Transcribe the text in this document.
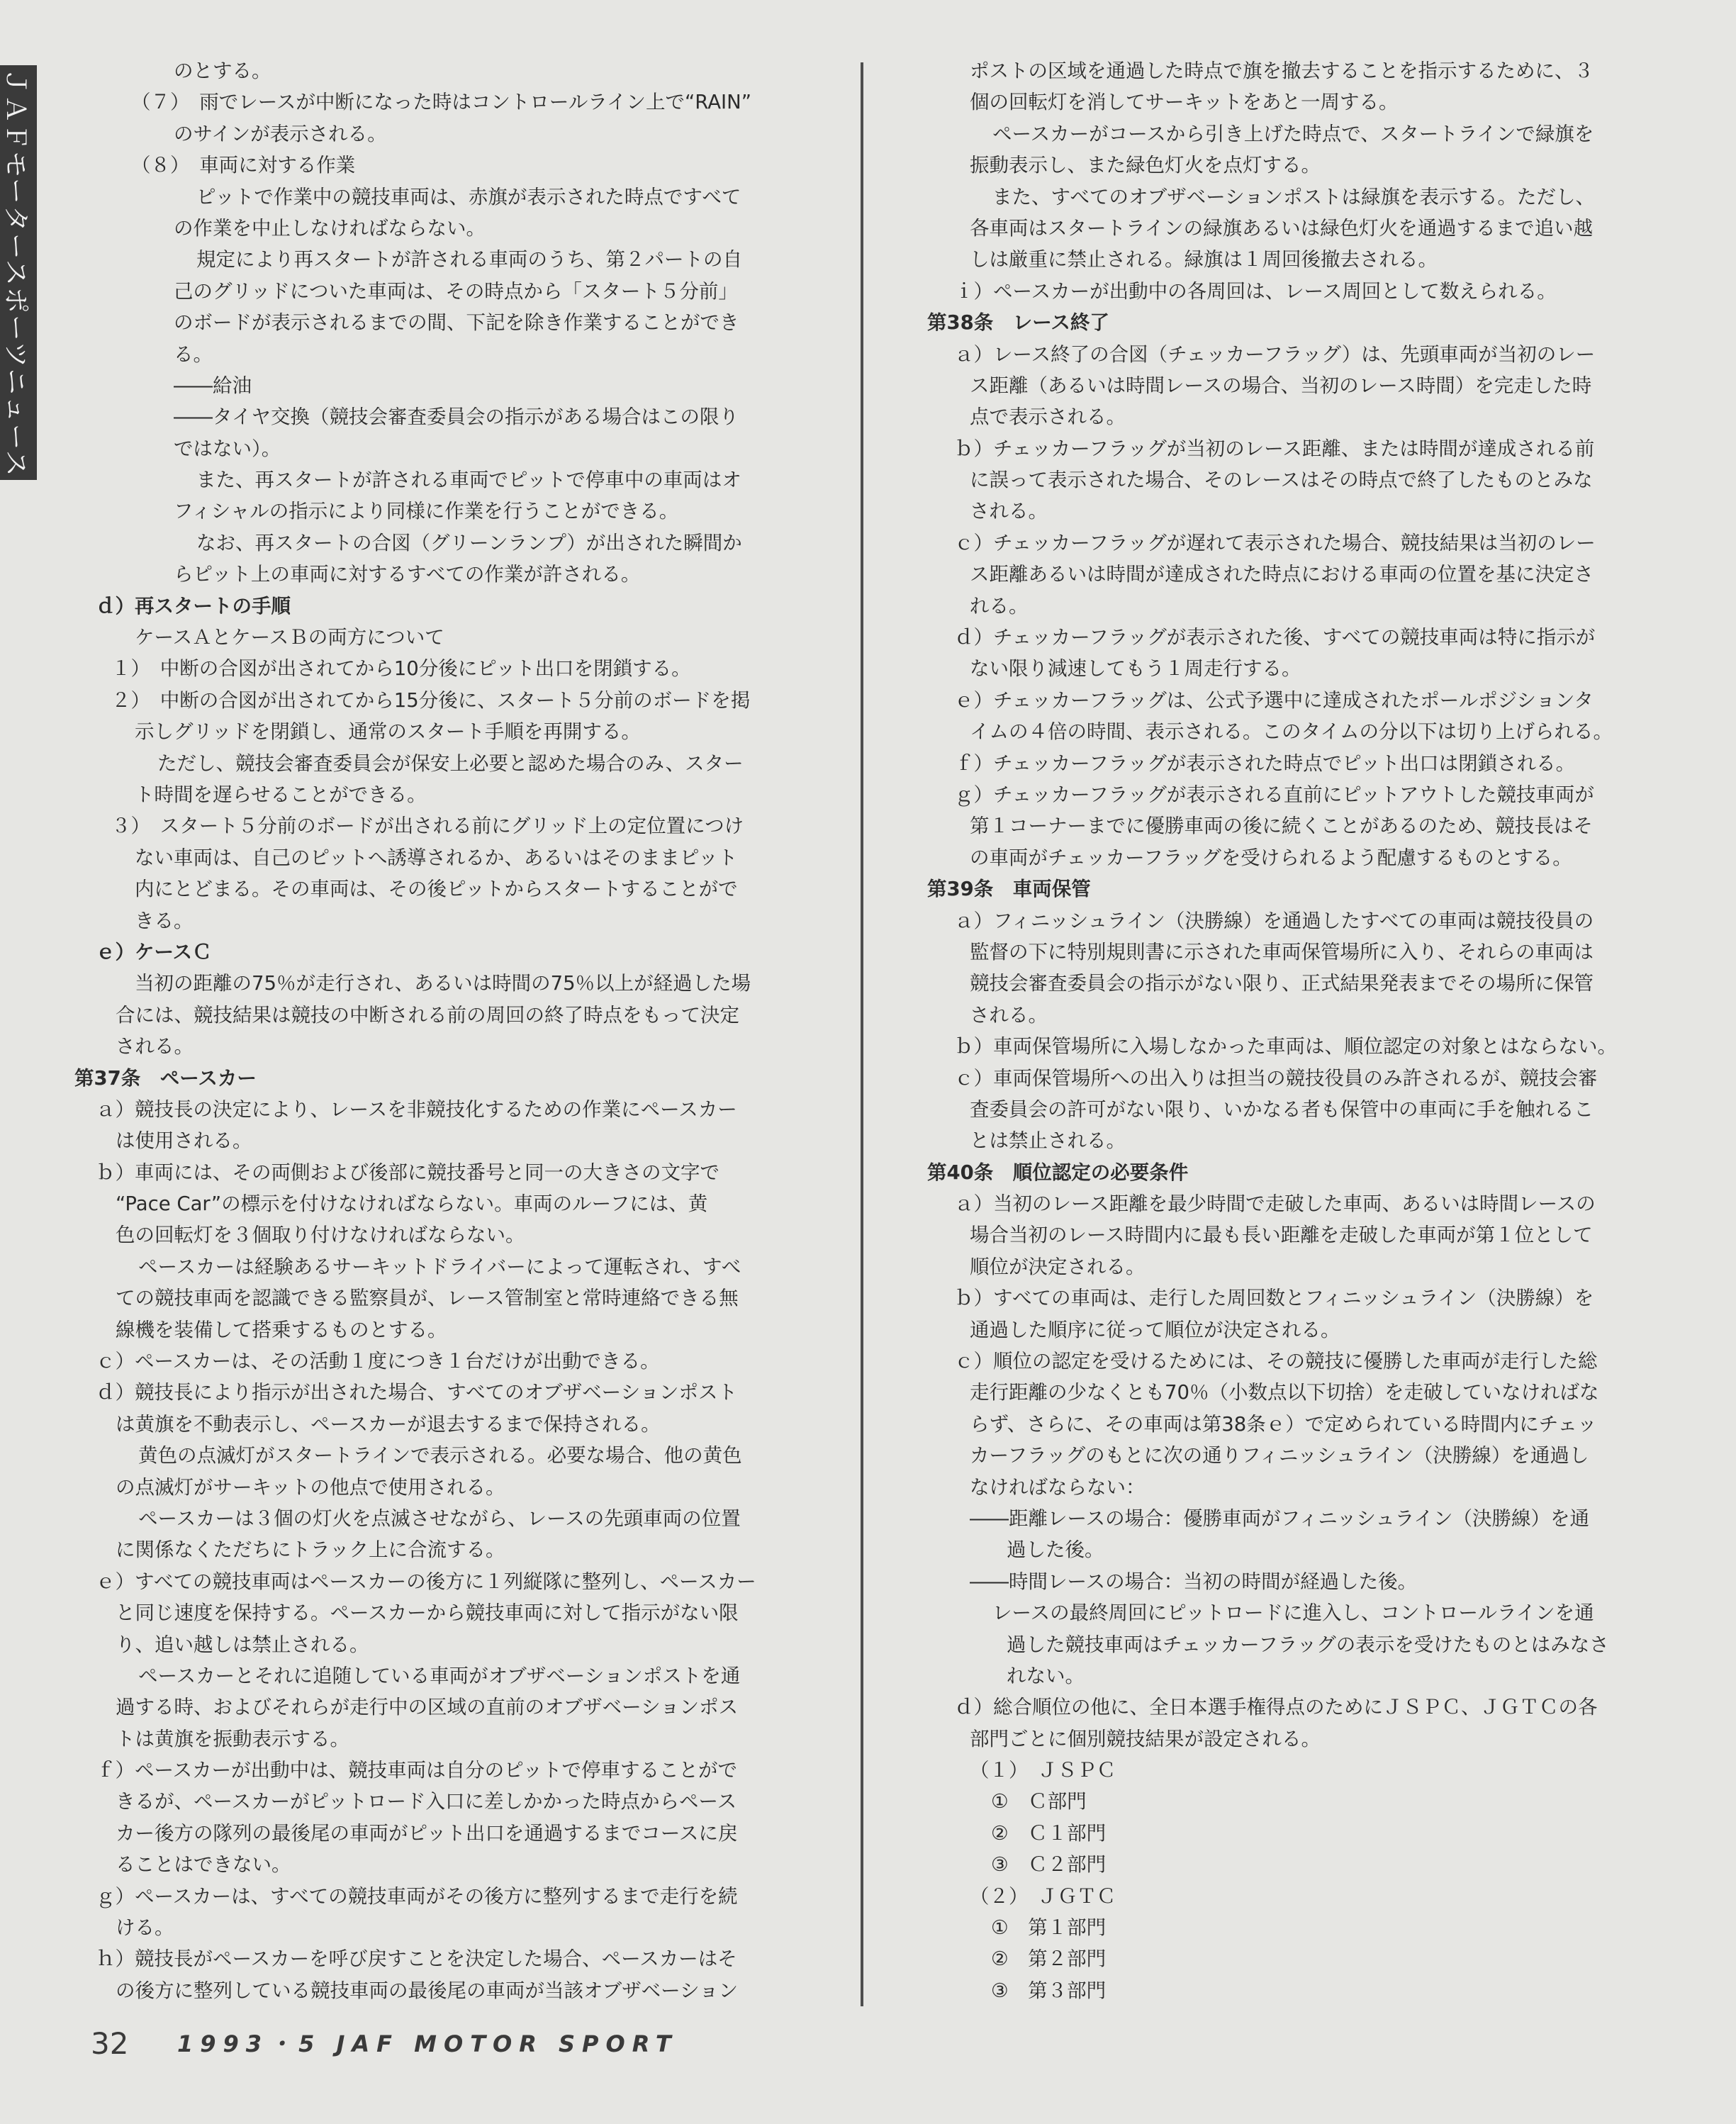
ＪＡＦモータースポーツニュース	のとする。
（７）　雨でレースが中断になった時はコントロールライン上で“RAIN”
のサインが表示される。
（８）　車両に対する作業
ピットで作業中の競技車両は、赤旗が表示された時点ですべて
の作業を中止しなければならない。
規定により再スタートが許される車両のうち、第２パートの自
己のグリッドについた車両は、その時点から「スタート５分前」
のボードが表示されるまでの間、下記を除き作業することができ
る。
――給油
――タイヤ交換（競技会審査委員会の指示がある場合はこの限り
ではない）。
また、再スタートが許される車両でピットで停車中の車両はオ
フィシャルの指示により同様に作業を行うことができる。
なお、再スタートの合図（グリーンランプ）が出された瞬間か
らピット上の車両に対するすべての作業が許される。
ｄ）再スタートの手順
ケースＡとケースＢの両方について
１）　中断の合図が出されてから10分後にピット出口を閉鎖する。
２）　中断の合図が出されてから15分後に、スタート５分前のボードを掲
示しグリッドを閉鎖し、通常のスタート手順を再開する。
ただし、競技会審査委員会が保安上必要と認めた場合のみ、スター
ト時間を遅らせることができる。
３）　スタート５分前のボードが出される前にグリッド上の定位置につけ
ない車両は、自己のピットへ誘導されるか、あるいはそのままピット
内にとどまる。その車両は、その後ピットからスタートすることがで
きる。
ｅ）ケースＣ
当初の距離の75％が走行され、あるいは時間の75％以上が経過した場
合には、競技結果は競技の中断される前の周回の終了時点をもって決定
される。
第37条　ペースカー
ａ）競技長の決定により、レースを非競技化するための作業にペースカー
は使用される。
ｂ）車両には、その両側および後部に競技番号と同一の大きさの文字で
“Pace Car”の標示を付けなければならない。車両のルーフには、黄
色の回転灯を３個取り付けなければならない。
ペースカーは経験あるサーキットドライバーによって運転され、すべ
ての競技車両を認識できる監察員が、レース管制室と常時連絡できる無
線機を装備して搭乗するものとする。
ｃ）ペースカーは、その活動１度につき１台だけが出動できる。
ｄ）競技長により指示が出された場合、すべてのオブザベーションポスト
は黄旗を不動表示し、ペースカーが退去するまで保持される。
黄色の点滅灯がスタートラインで表示される。必要な場合、他の黄色
の点滅灯がサーキットの他点で使用される。
ペースカーは３個の灯火を点滅させながら、レースの先頭車両の位置
に関係なくただちにトラック上に合流する。
ｅ）すべての競技車両はペースカーの後方に１列縦隊に整列し、ペースカー
と同じ速度を保持する。ペースカーから競技車両に対して指示がない限
り、追い越しは禁止される。
ペースカーとそれに追随している車両がオブザベーションポストを通
過する時、およびそれらが走行中の区域の直前のオブザベーションポス
トは黄旗を振動表示する。
ｆ）ペースカーが出動中は、競技車両は自分のピットで停車することがで
きるが、ペースカーがピットロード入口に差しかかった時点からペース
カー後方の隊列の最後尾の車両がピット出口を通過するまでコースに戻
ることはできない。
ｇ）ペースカーは、すべての競技車両がその後方に整列するまで走行を続
ける。
ｈ）競技長がペースカーを呼び戻すことを決定した場合、ペースカーはそ
の後方に整列している競技車両の最後尾の車両が当該オブザベーション
ポストの区域を通過した時点で旗を撤去することを指示するために、３
個の回転灯を消してサーキットをあと一周する。
ペースカーがコースから引き上げた時点で、スタートラインで緑旗を
振動表示し、また緑色灯火を点灯する。
また、すべてのオブザベーションポストは緑旗を表示する。ただし、
各車両はスタートラインの緑旗あるいは緑色灯火を通過するまで追い越
しは厳重に禁止される。緑旗は１周回後撤去される。
ｉ）ペースカーが出動中の各周回は、レース周回として数えられる。
第38条　レース終了
ａ）レース終了の合図（チェッカーフラッグ）は、先頭車両が当初のレー
ス距離（あるいは時間レースの場合、当初のレース時間）を完走した時
点で表示される。
ｂ）チェッカーフラッグが当初のレース距離、または時間が達成される前
に誤って表示された場合、そのレースはその時点で終了したものとみな
される。
ｃ）チェッカーフラッグが遅れて表示された場合、競技結果は当初のレー
ス距離あるいは時間が達成された時点における車両の位置を基に決定さ
れる。
ｄ）チェッカーフラッグが表示された後、すべての競技車両は特に指示が
ない限り減速してもう１周走行する。
ｅ）チェッカーフラッグは、公式予選中に達成されたポールポジションタ
イムの４倍の時間、表示される。このタイムの分以下は切り上げられる。
ｆ）チェッカーフラッグが表示された時点でピット出口は閉鎖される。
ｇ）チェッカーフラッグが表示される直前にピットアウトした競技車両が
第１コーナーまでに優勝車両の後に続くことがあるのため、競技長はそ
の車両がチェッカーフラッグを受けられるよう配慮するものとする。
第39条　車両保管
ａ）フィニッシュライン（決勝線）を通過したすべての車両は競技役員の
監督の下に特別規則書に示された車両保管場所に入り、それらの車両は
競技会審査委員会の指示がない限り、正式結果発表までその場所に保管
される。
ｂ）車両保管場所に入場しなかった車両は、順位認定の対象とはならない。
ｃ）車両保管場所への出入りは担当の競技役員のみ許されるが、競技会審
査委員会の許可がない限り、いかなる者も保管中の車両に手を触れるこ
とは禁止される。
第40条　順位認定の必要条件
ａ）当初のレース距離を最少時間で走破した車両、あるいは時間レースの
場合当初のレース時間内に最も長い距離を走破した車両が第１位として
順位が決定される。
ｂ）すべての車両は、走行した周回数とフィニッシュライン（決勝線）を
通過した順序に従って順位が決定される。
ｃ）順位の認定を受けるためには、その競技に優勝した車両が走行した総
走行距離の少なくとも70％（小数点以下切捨）を走破していなければな
らず、さらに、その車両は第38条ｅ）で定められている時間内にチェッ
カーフラッグのもとに次の通りフィニッシュライン（決勝線）を通過し
なければならない：
――距離レースの場合：優勝車両がフィニッシュライン（決勝線）を通
過した後。
――時間レースの場合：当初の時間が経過した後。
レースの最終周回にピットロードに進入し、コントロールラインを通
過した競技車両はチェッカーフラッグの表示を受けたものとはみなさ
れない。
ｄ）総合順位の他に、全日本選手権得点のためにＪＳＰＣ、ＪＧＴＣの各
部門ごとに個別競技結果が設定される。
（１）　ＪＳＰＣ
①　Ｃ部門
②　Ｃ１部門
③　Ｃ２部門
（２）　ＪＧＴＣ
①　第１部門
②　第２部門
③　第３部門
32 1993・5 JAF MOTOR SPORT
